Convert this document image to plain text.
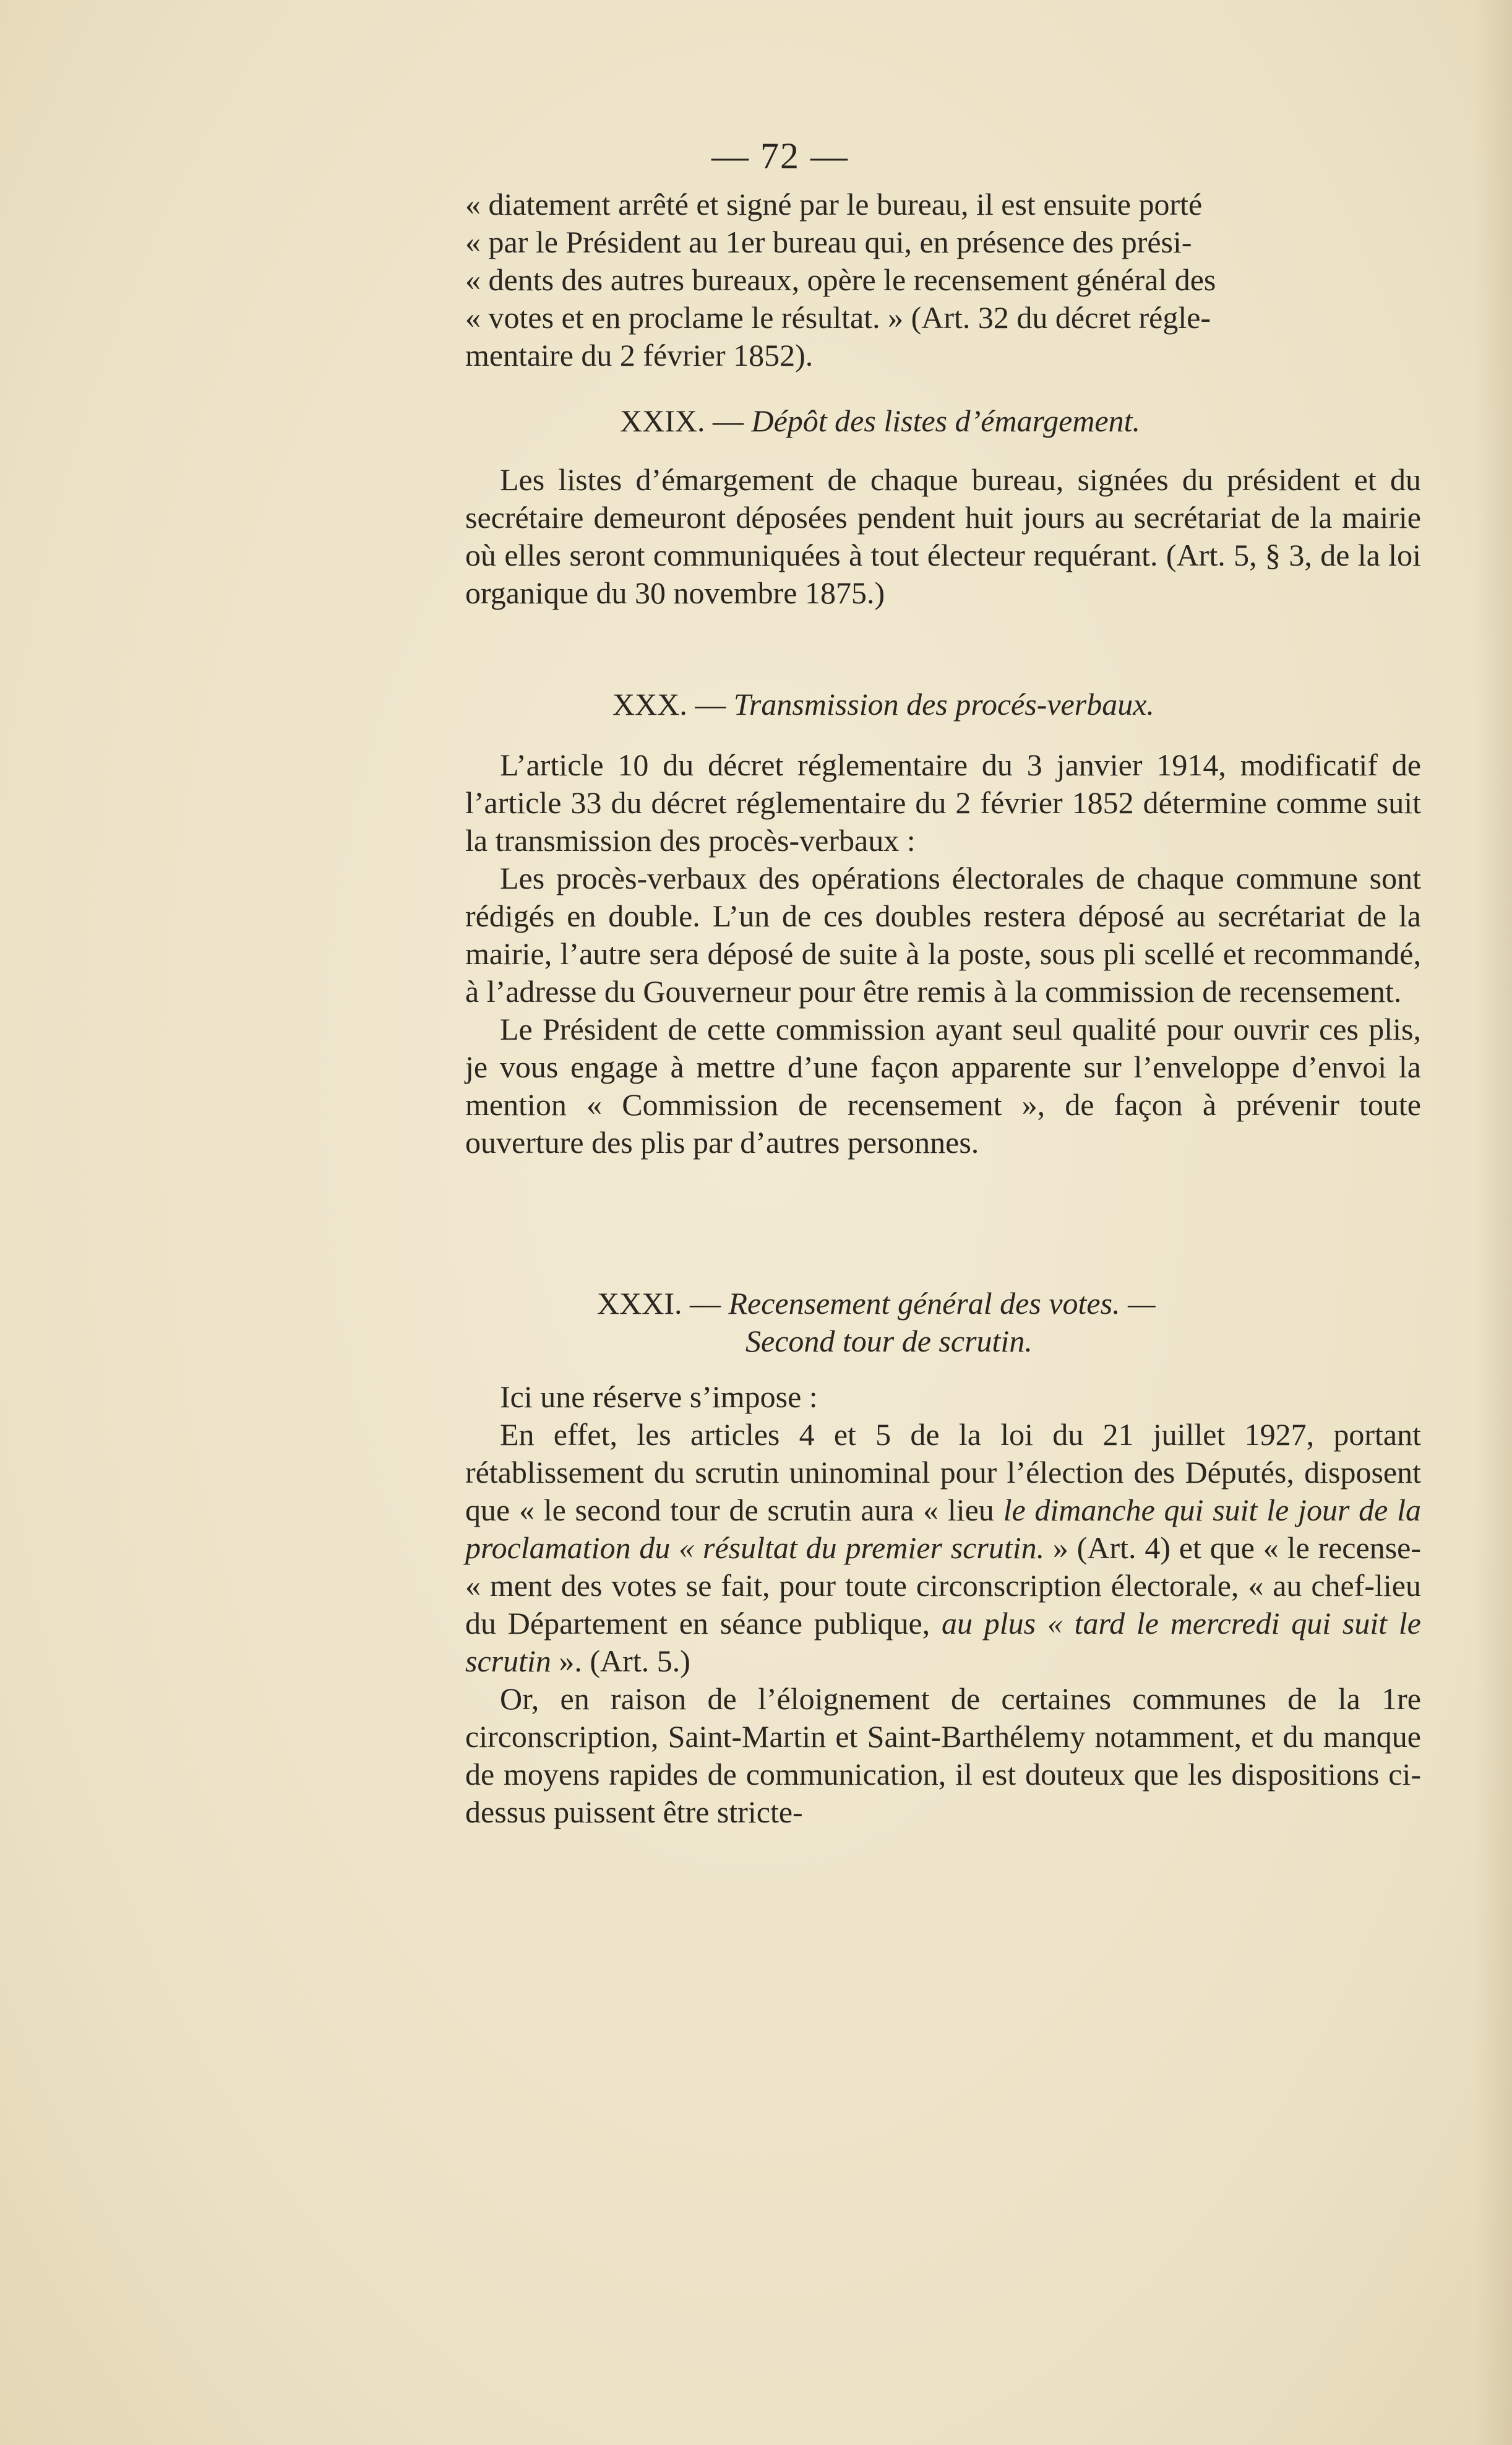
— 72 —

« diatement arrêté et signé par le bureau, il est ensuite porté

« par le Président au 1er bureau qui, en présence des prési-

« dents des autres bureaux, opère le recensement général des

« votes et en proclame le résultat. » (Art. 32 du décret régle-

mentaire du 2 février 1852).

XXIX. — Dépôt des listes d’émargement.

Les listes d’émargement de chaque bureau, signées du président et du secrétaire demeuront déposées pendent huit jours au secrétariat de la mairie où elles seront communiquées à tout électeur requérant. (Art. 5, § 3, de la loi organique du 30 novembre 1875.)

XXX. — Transmission des procés-verbaux.

L’article 10 du décret réglementaire du 3 janvier 1914, modificatif de l’article 33 du décret réglementaire du 2 février 1852 détermine comme suit la transmission des procès-verbaux :

Les procès-verbaux des opérations électorales de chaque commune sont rédigés en double. L’un de ces doubles restera déposé au secrétariat de la mairie, l’autre sera déposé de suite à la poste, sous pli scellé et recommandé, à l’adresse du Gouverneur pour être remis à la commission de recensement.

Le Président de cette commission ayant seul qualité pour ouvrir ces plis, je vous engage à mettre d’une façon apparente sur l’enveloppe d’envoi la mention « Commission de recensement », de façon à prévenir toute ouverture des plis par d’autres personnes.

XXXI. — Recensement général des votes. —
Second tour de scrutin.

Ici une réserve s’impose :

En effet, les articles 4 et 5 de la loi du 21 juillet 1927, portant rétablissement du scrutin uninominal pour l’élection des Députés, disposent que « le second tour de scrutin aura « lieu le dimanche qui suit le jour de la proclamation du « résultat du premier scrutin. » (Art. 4) et que « le recense- « ment des votes se fait, pour toute circonscription électorale, « au chef-lieu du Département en séance publique, au plus « tard le mercredi qui suit le scrutin ». (Art. 5.)

Or, en raison de l’éloignement de certaines communes de la 1re circonscription, Saint-Martin et Saint-Barthélemy notamment, et du manque de moyens rapides de communication, il est douteux que les dispositions ci-dessus puissent être stricte-
